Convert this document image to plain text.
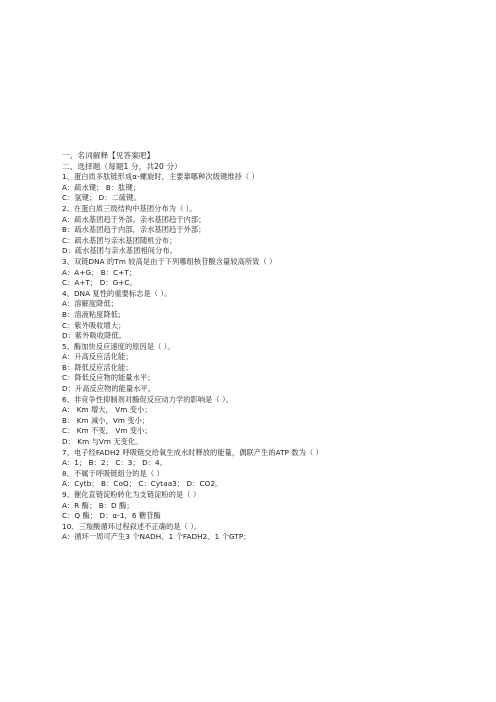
一、名词解释【见答案吧】
二、选择题（每题1 分，共20 分）
1、蛋白质多肽链形成α-螺旋时，主要靠哪种次级键维持（ ）
A：疏水键； B：肽键；
C：氢键； D：二硫键。
2、在蛋白质三级结构中基团分布为（ ）。
A：疏水基团趋于外部，亲水基团趋于内部；
B：疏水基团趋于内部，亲水基团趋于外部；
C：疏水基团与亲水基团随机分布；
D：疏水基团与亲水基团相间分布。
3、双链DNA 的Tm 较高是由于下列哪组核苷酸含量较高所致（ ）
A：A+G； B：C+T；
C：A+T； D：G+C。
4、DNA 复性的重要标志是（ ）。
A：溶解度降低；
B：溶液粘度降低；
C：紫外吸收增大；
D：紫外吸收降低。
5、酶加快反应速度的原因是（ ）。
A：升高反应活化能；
B：降低反应活化能；
C：降低反应物的能量水平；
D：升高反应物的能量水平。
6、非竞争性抑制剂对酶促反应动力学的影响是（ ）。
A： Km 增大， Vm 变小；
B： Km 减小，Vm 变小；
C： Km 不变， Vm 变小；
D： Km 与Vm 无变化。
7、电子经FADH2 呼吸链交给氧生成水时释放的能量，偶联产生的ATP 数为（ ）
A：1； B：2； C：3； D：4。
8、不属于呼吸链组分的是（ ）
A：Cytb； B：CoQ； C：Cytaa3； D：CO2。
9、催化直链淀粉转化为支链淀粉的是（ ）
A：R 酶； B：D 酶；
C：Q 酶； D：α-1，6 糖苷酶
10、三羧酸循环过程叙述不正确的是（ ）。
A：循环一周可产生3 个NADH、1 个FADH2、1 个GTP；
